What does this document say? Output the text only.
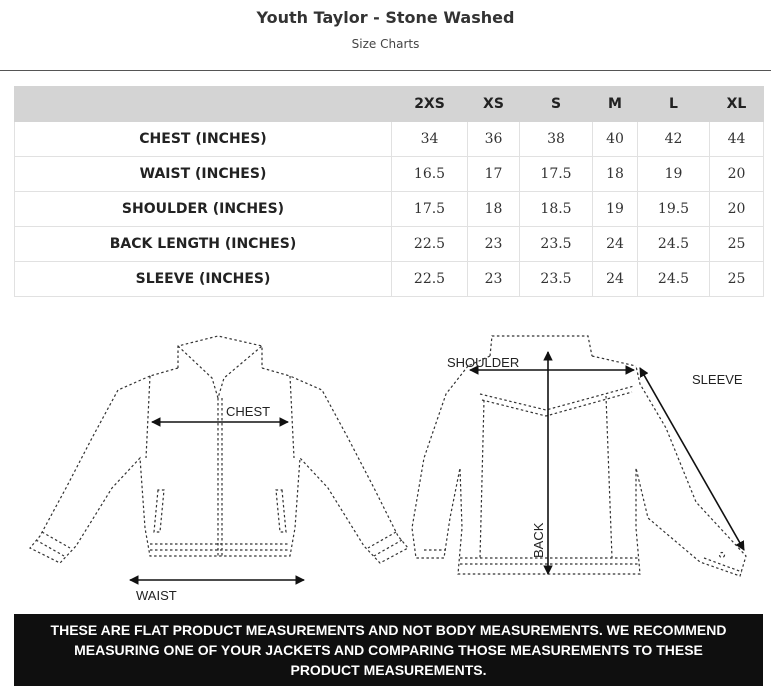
Youth Taylor - Stone Washed
Size Charts
	2XS	XS	S	M	L	XL
CHEST (INCHES)	34	36	38	40	42	44
WAIST (INCHES)	16.5	17	17.5	18	19	20
SHOULDER (INCHES)	17.5	18	18.5	19	19.5	20
BACK LENGTH (INCHES)	22.5	23	23.5	24	24.5	25
SLEEVE (INCHES)	22.5	23	23.5	24	24.5	25
CHEST
WAIST
SHOULDER
SLEEVE
BACK
THESE ARE FLAT PRODUCT MEASUREMENTS AND NOT BODY MEASUREMENTS. WE RECOMMEND MEASURING ONE OF YOUR JACKETS AND COMPARING THOSE MEASUREMENTS TO THESE PRODUCT MEASUREMENTS.
